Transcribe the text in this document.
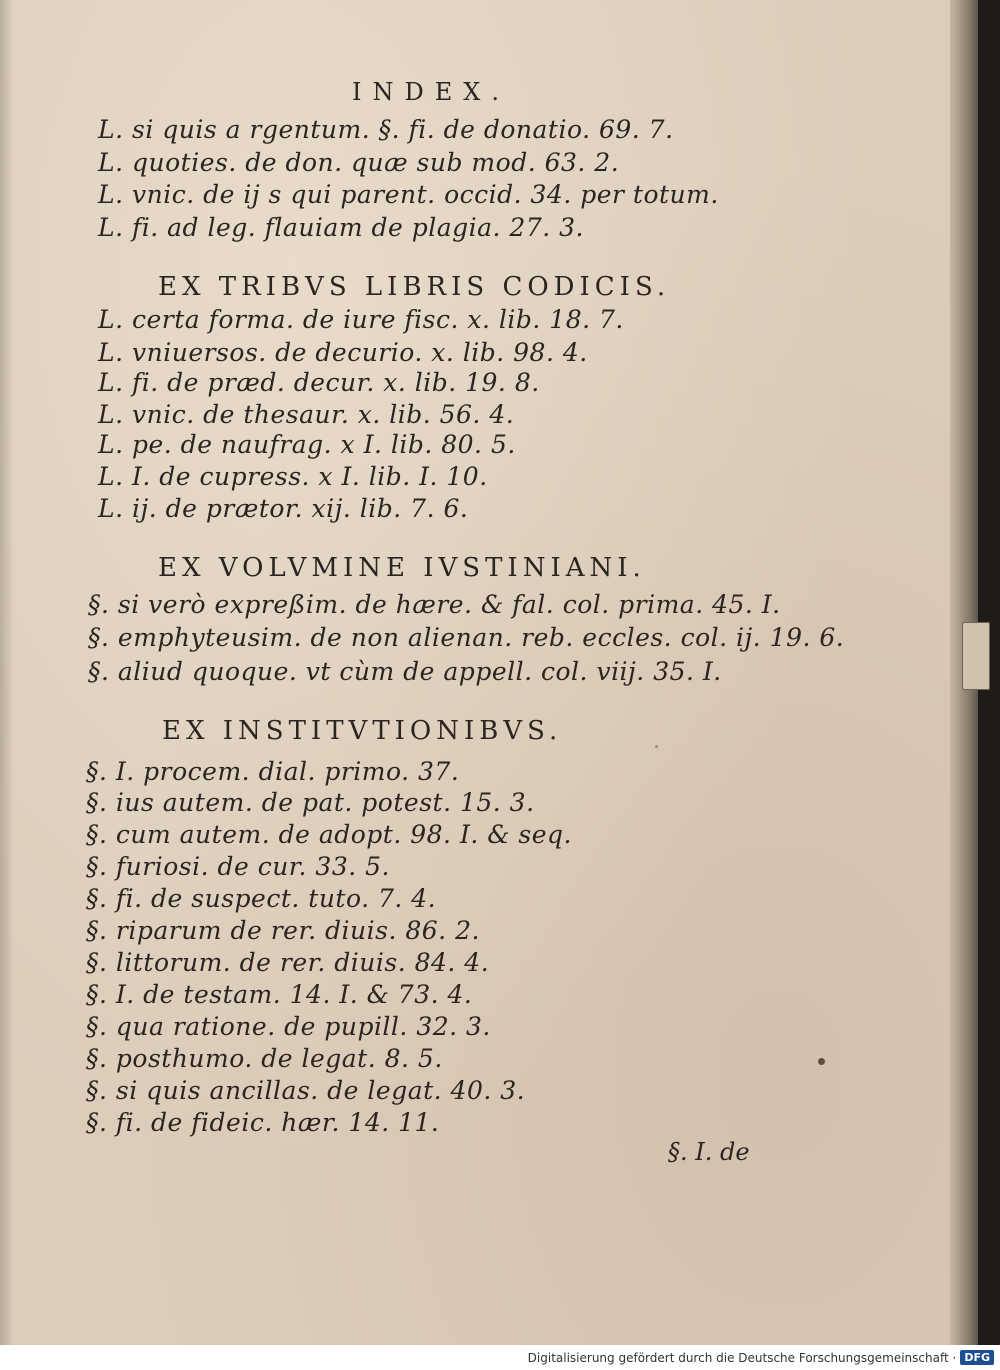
INDEX.
L. si quis a rgentum. §. fi. de donatio. 69. 7.
L. quoties. de don. quæ sub mod. 63. 2.
L. vnic. de ij s qui parent. occid. 34. per totum.
L. fi. ad leg. flauiam de plagia. 27. 3.
EX TRIBVS LIBRIS CODICIS.
L. certa forma. de iure fisc. x. lib. 18. 7.
L. vniuersos. de decurio. x. lib. 98. 4.
L. fi. de præd. decur. x. lib. 19. 8.
L. vnic. de thesaur. x. lib. 56. 4.
L. pe. de naufrag. x I. lib. 80. 5.
L. I. de cupress. x I. lib. I. 10.
L. ij. de prætor. xij. lib. 7. 6.
EX VOLVMINE IVSTINIANI.
§. si verò expreßim. de hære. & fal. col. prima. 45. I.
§. emphyteusim. de non alienan. reb. eccles. col. ij. 19. 6.
§. aliud quoque. vt cùm de appell. col. viij. 35. I.
EX INSTITVTIONIBVS.
§. I. procem. dial. primo. 37.
§. ius autem. de pat. potest. 15. 3.
§. cum autem. de adopt. 98. I. & seq.
§. furiosi. de cur. 33. 5.
§. fi. de suspect. tuto. 7. 4.
§. riparum de rer. diuis. 86. 2.
§. littorum. de rer. diuis. 84. 4.
§. I. de testam. 14. I. & 73. 4.
§. qua ratione. de pupill. 32. 3.
§. posthumo. de legat. 8. 5.
§. si quis ancillas. de legat. 40. 3.
§. fi. de fideic. hær. 14. 11.
§. I. de
Digitalisierung gefördert durch die Deutsche Forschungsgemeinschaft · DFG
